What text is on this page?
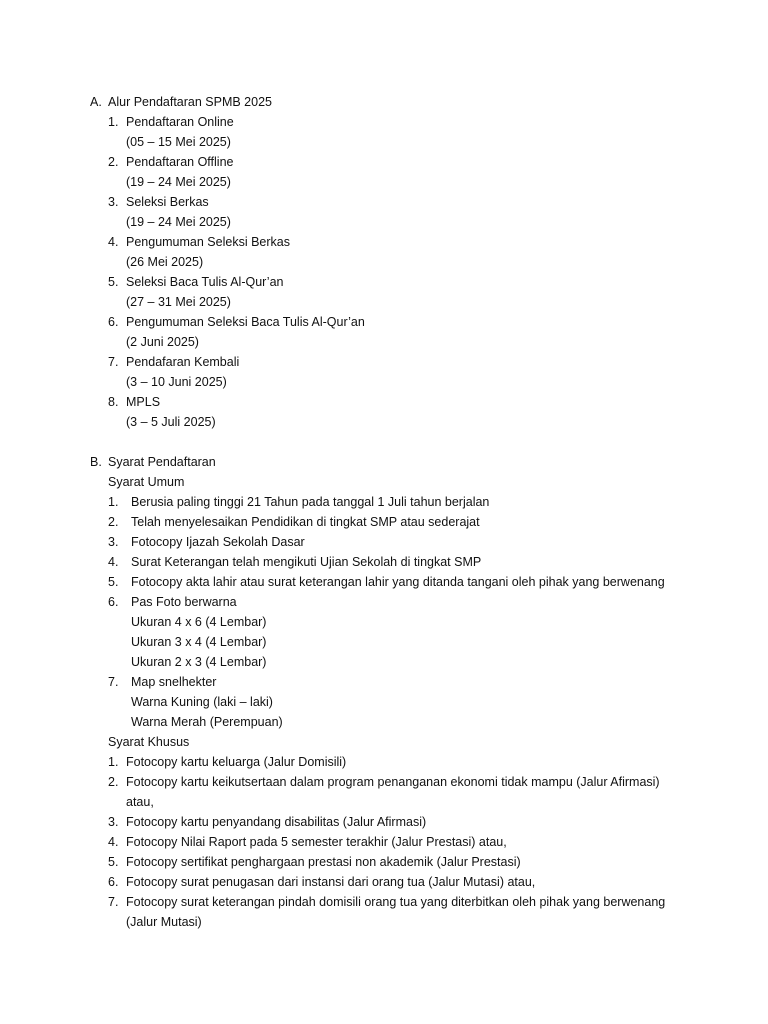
A. Alur Pendaftaran SPMB 2025
1. Pendaftaran Online
(05 – 15 Mei 2025)
2. Pendaftaran Offline
(19 – 24 Mei 2025)
3. Seleksi Berkas
(19 – 24 Mei 2025)
4. Pengumuman Seleksi Berkas
(26 Mei 2025)
5. Seleksi Baca Tulis Al-Qur’an
(27 – 31 Mei 2025)
6. Pengumuman Seleksi Baca Tulis Al-Qur’an
(2 Juni 2025)
7. Pendafaran Kembali
(3 – 10 Juni 2025)
8. MPLS
(3 – 5 Juli 2025)
B. Syarat Pendaftaran
Syarat Umum
1. Berusia paling tinggi 21 Tahun pada tanggal 1 Juli tahun berjalan
2. Telah menyelesaikan Pendidikan di tingkat SMP atau sederajat
3. Fotocopy Ijazah Sekolah Dasar
4. Surat Keterangan telah mengikuti Ujian Sekolah di tingkat SMP
5. Fotocopy akta lahir atau surat keterangan lahir yang ditanda tangani oleh pihak yang berwenang
6. Pas Foto berwarna
Ukuran 4 x 6 (4 Lembar)
Ukuran 3 x 4 (4 Lembar)
Ukuran 2 x 3 (4 Lembar)
7. Map snelhekter
Warna Kuning (laki – laki)
Warna Merah (Perempuan)
Syarat Khusus
1. Fotocopy kartu keluarga (Jalur Domisili)
2. Fotocopy kartu keikutsertaan dalam program penanganan ekonomi tidak mampu (Jalur Afirmasi)
atau,
3. Fotocopy kartu penyandang disabilitas (Jalur Afirmasi)
4. Fotocopy Nilai Raport pada 5 semester terakhir (Jalur Prestasi) atau,
5. Fotocopy sertifikat penghargaan prestasi non akademik (Jalur Prestasi)
6. Fotocopy surat penugasan dari instansi dari orang tua (Jalur Mutasi) atau,
7. Fotocopy surat keterangan pindah domisili orang tua yang diterbitkan oleh pihak yang berwenang
(Jalur Mutasi)
